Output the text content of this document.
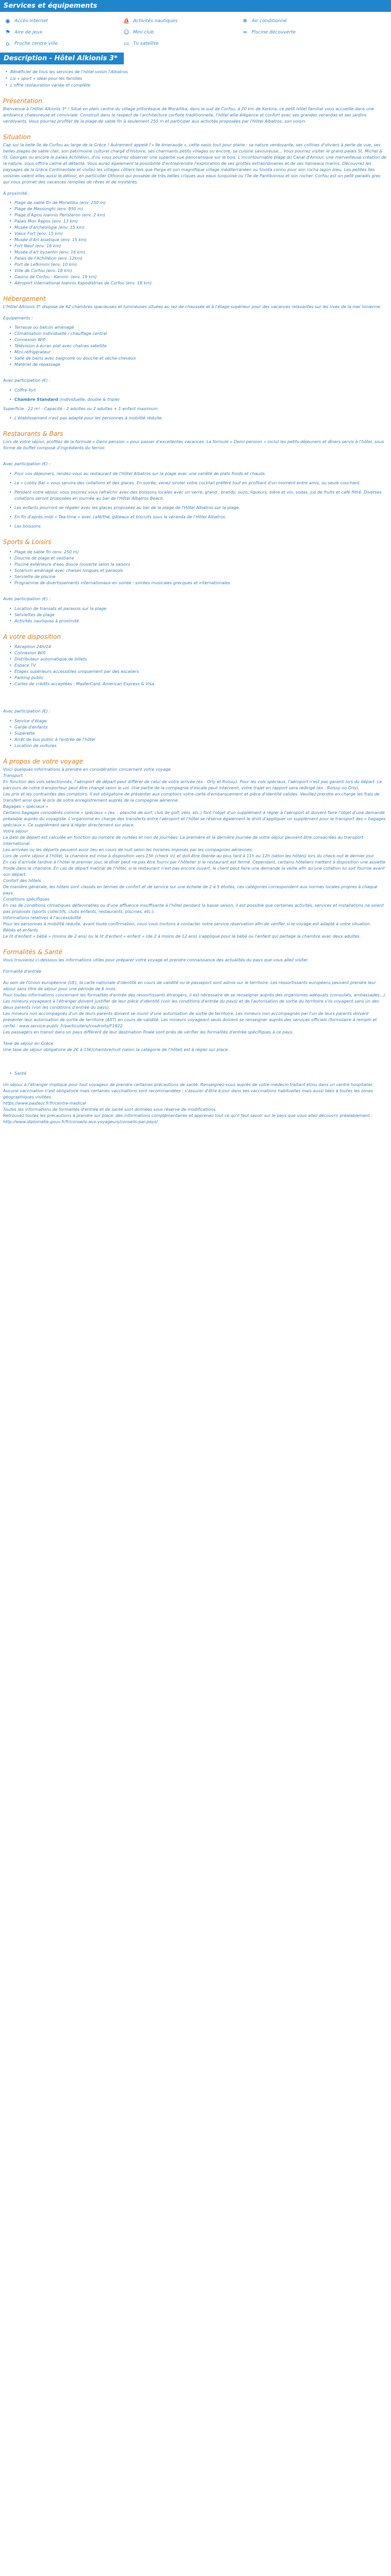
Services et équipements
◉ Accès internet	⛵ Activités nautiques	❄ Air conditionné
⚑ Aire de jeux	☺ Mini club	≈ Piscine découverte
⌂	Proche centre ville	▭ Tv satellite
Description - Hôtel Alkionis 3*
• Bénéficier de tous les services de l'hôtel voisin l'Albatros
• Lis » sport » idéal pour les familles
• L'offre restauration variée et complète
Présentation

Bienvenue à l'Hôtel Alkionis 3* ! Situé en plein centre du village pittoresque de Moraitika, dans le sud de Corfou, à 20 km de Kerkira, ce petit hôtel familial vous accueille dans une ambiance chaleureuse et conviviale. Construit dans le respect de l'architecture corfiote traditionnelle, l'hôtel allie élégance et confort avec ses grandes verandas et ses jardins verdoyants. Vous pourrez profiter de la plage de sable fin à seulement 250 m et participer aux activités proposées par l'Hôtel Albatros, son voisin.

Situation

Cap sur la belle île de Corfou au large de la Grèce ! Autrement appelé l'« île émeraude », cette oasis tout pour plaire : sa nature verdoyante, ses collines d'oliviers à perte de vue, ses belles plages de sable clair, son patrimoine culturel chargé d'histoire, ses charmants petits villages ou encore, sa cuisine savoureuse... Vous pourrez visiter le grand palais St. Michel & St. Georges ou encore le palais Achilléion, d'où vous pourrez observer une superbe vue panoramique sur le bois. L'incontournable plage du Canal d'Amour, une merveilleuse création de la nature, vous offrira calme et détente. Vous aurez également la possibilité d'entreprendre l'exploration de ses grottes extraordinaires et de ses hameaux marins. Découvrez les paysages de la Grèce Continentale et visitez les villages côtiers tels que Parga et son magnifique village méditerranéen ou Sivota connu pour son rocha lagon bleu. Les petites îles voisines valent elles aussi le détour, en particulier Othonoi qui possède de très belles criques aux eaux turquoise ou l'île de Pantikonissi et son rocher. Corfou est un petit paradis grec qui vous promet des vacances remplies de rêves et de mystères.

À proximité :

• Plage de sable fin de Moraitika (env. 250 m)
• Plage de Messonghi (env. 850 m)
• Plage d'Agios Ioannis Peristeron (env. 2 km)
• Palais Mon Repos (env. 13 km)
• Musée d'archéologie (env. 15 km)
• Vieux Fort (env. 15 km)
• Musée d'Art asiatique (env. 15 km)
• Fort Neuf (env. 16 km)
• Musée d'art byzantin (env. 16 km)
• Palais de l'Achilléion (env. 12km)
• Port de Lefkimmi (env. 10 km)
• Ville de Corfou (env. 18 km)
• Casino de Corfou - Kanoni- (env. 19 km)
• Aéroport international Ioannis Kapodistrias de Corfou (env. 18 km)
Hébergement

L'Hôtel Alkionis 3* dispose de 62 chambres spacieuses et lumineuses situées au rez-de-chaussée et à l'étage supérieur pour des vacances relaxantes sur les rives de la mer Ionienne.

Équipements :

• Terrasse ou balcon aménagé
• Climatisation individuelle / chauffage central
• Connexion Wifi
• Télévision à écran plat avec chaînes satellite
• Mini-réfrigérateur
• Salle de bains avec baignoire ou douche et sèche-cheveux
• Matériel de repassage

Avec participation (€) :

• Coffre-fort
• Chambre Standard (individuelle, double & triple)

Superficie : 22 m² - Capacité : 2 adultes ou 2 adultes + 1 enfant maximum

• L'établissement n'est pas adapté pour les personnes à mobilité réduite.
Restaurants & Bars

Lors de votre séjour, profitez de la formule « Demi-pension » pour passer d'excellentes vacances. La formule « Demi-pension » inclut les petits-déjeuners et dîners servis à l'hôtel, sous forme de buffet composé d'ingrédients du terroir.

Avec participation (€) :

• Pour vos déjeuners, rendez-vous au restaurant de l'Hôtel Albatros sur la plage avec une variété de plats froids et chauds.
• Le « Lobby Bar » vous servira des collations et des glaces. En soirée, venez siroter votre cocktail préféré tout en profitant d'un moment entre amis, ou seule couchant.
• Pendant votre séjour, vous pourrez vous rafraîchir avec des boissons locales avec un verre, grand : brandy, ouzo, liqueurs, bière et vin, sodas, jus de fruits et café filtré. Diverses collations seront proposées en journée au bar de l'Hôtel Albatros Beach.
• Les enfants pourront se régaler avec les glaces proposées au bar de la plage de l'Hôtel Albatros sur la plage.
• En fin d'après-midi « Tea-time » avec café/thé, gâteaux et biscuits sous la véranda de l'Hôtel Albatros.
• Les boissons
Sports & Loisirs
• Plage de sable fin (env. 250 m)
• Douche de plage et vestiaire
• Piscine extérieure d'eau douce (ouverte selon la saison)
• Solarium aménagé avec chaises longues et parasols
• Serviette de piscine
• Programme de divertissements internationaux en soirée : soirées musicales grecques et internationales.

Avec participation (€) :

• Location de transats et parasols sur la plage
• Serviettes de plage
• Activités nautiques à proximité
A votre disposition
• Réception 24h/24
• Connexion Wifi
• Distributeur automatique de billets
• Espace TV
• Étages supérieurs accessibles uniquement par des escaliers
• Parking public
• Cartes de crédits acceptées : MasterCard, American Express & Visa

Avec participation (€) :

• Service d'étage
• Garde d'enfants
• Supérette
• Arrêt de bus public à l'entrée de l'hôtel
• Location de voitures
À propos de votre voyage

Voici quelques informations à prendre en considération concernant votre voyage.

Transport

En fonction des vols sélectionnés, l'aéroport de départ peut différer de celui de votre arrivée (ex : Orly et Roissy). Pour les vols spéciaux, l'aéroport n'est pas garanti lors du départ. Le parcours de notre transporteur peut être changé selon le vol. Une partie de la compagnie d'escale peut intervenir, votre trajet en rapport sera redirigé (ex : Roissy ou Orly).

Les prix et les contraintes des comptoirs. Il est obligatoire de présenter aux comptoirs votre carte d'embarquement et pièce d'identité valides. Veuillez prendre en charge les frais de transfert ainsi que le prix de votre enregistrement auprès de la compagnie aérienne.

Bagages « spéciaux »

Certains bagages considérés comme « spéciaux » (ex. : planche de surf, club de golf, vélo, etc.) font l'objet d'un supplément à régler à l'aéroport et doivent faire l'objet d'une demande préalable auprès du voyagiste. L'organisme en charge des transferts entre l'aéroport et l'hôtel se réserve également le droit d'appliquer un supplément pour le transport des « bagages spéciaux ». Ce supplément sera à régler directement sur place.

Votre séjour

La date de départ est calculée en fonction du nombre de nuitées et non de journées. La première et la dernière journée de votre séjour peuvent être consacrées au transport international.

Les arrivées ou les départs peuvent avoir lieu en cours de nuit selon les horaires imposés par les compagnies aériennes.

Lors de votre séjour à l'hôtel, la chambre est mise à disposition vers 15h (check in) et doit être libérée au plus tard à 11h ou 12h (selon les hôtels) lors du check-out le dernier jour.

En cas d'arrivée tardive à l'hôtel le premier jour, le dîner peut ne pas être fourni par l'hôtelier si le restaurant est fermé. Cependant, certains hôteliers mettent à disposition une assiette froide dans la chambre. En cas de départ matinal de l'hôtel, si le restaurant n'est pas encore ouvert, le client peut faire une demande la veille afin qu'une collation lui soit fournie avant son départ.

Confort des hôtels

De manière générale, les hôtels sont classés en termes de confort et de service sur une échelle de 2 à 5 étoiles, ces catégories correspondent aux normes locales propres à chaque pays.

Conditions spécifiques

En cas de conditions climatiques défavorables ou d'une affluence insuffisante à l'hôtel pendant la basse saison, il est possible que certaines activités, services et installations ne soient pas proposés (sports collectifs, clubs enfants, restaurants, piscines, etc.).

Informations relatives à l'accessibilité

Pour les personnes à mobilité réduite, avant toute confirmation, nous vous invitons à contacter notre service réservation afin de vérifier si le voyage est adapté à votre situation.

Bébés et enfants

Le lit d'enfant « bébé » (moins de 2 ans) ou le lit d'enfant « enfant » (de 2 à moins de 12 ans) s'applique pour le bébé ou l'enfant qui partage la chambre avec deux adultes.

Formalités & Santé

Vous trouverez ci-dessous les informations utiles pour préparer votre voyage et prendre connaissance des actualités du pays que vous allez visiter.

Formalité d'entrée

Au sein de l'Union européenne (UE), la carte nationale d'identité en cours de validité ou le passeport sont admis sur le territoire. Les ressortissants européens peuvent prendre leur séjour sans titre de séjour pour une période de 6 mois.

Pour toutes informations concernant les formalités d'entrée des ressortissants étrangers, il est nécessaire de se renseigner auprès des organismes adéquats (consulats, ambassades...).

Les mineurs voyageant à l'étranger doivent justifier de leur pièce d'identité (voir les conditions d'entrée du pays) et de l'autorisation de sortie du territoire s'ils voyagent sans un des deux parents (voir les conditions d'entrée du pays).

Les mineurs non accompagnés d'un de leurs parents doivent se munir d'une autorisation de sortie de territoire. Les mineurs non accompagnés par l'un de leurs parents doivent présenter leur autorisation de sortie de territoire (AST) en cours de validité. Les mineurs voyageant seuls doivent se renseigner auprès des services officiels (formulaire à remplir et cerfa) : www.service-public.fr/particuliers/vosdroits/F1922

Les passagers en transit dans un pays différent de leur destination finale sont priés de vérifier les formalités d'entrée spécifiques à ce pays.

Taxe de séjour en Grèce

Une taxe de séjour obligatoire de 2€ à 15€/chambre/nuit (selon la catégorie de l'hôtel) est à régler sur place.

• Santé

Un séjour à l'étranger implique pour tout voyageur de prendre certaines précautions de santé. Renseignez-vous auprès de votre médecin traitant et/ou dans un centre hospitalier.

Aucune vaccination n'est obligatoire mais certaines vaccinations sont recommandées ; s'assurer d'être à jour dans ses vaccinations habituelles mais aussi liées à toutes les zones géographiques visitées.

https://www.pasteur.fr/fr/centre-medical

Toutes les informations de formalités d'entrée et de santé sont données sous réserve de modifications.

Retrouvez toutes les précautions à prendre sur place, des informations complémentaires et apprenez tout ce qu'il faut savoir sur le pays que vous allez découvrir préalablement :

http://www.diplomatie.gouv.fr/fr/conseils-aux-voyageurs/conseils-par-pays/
